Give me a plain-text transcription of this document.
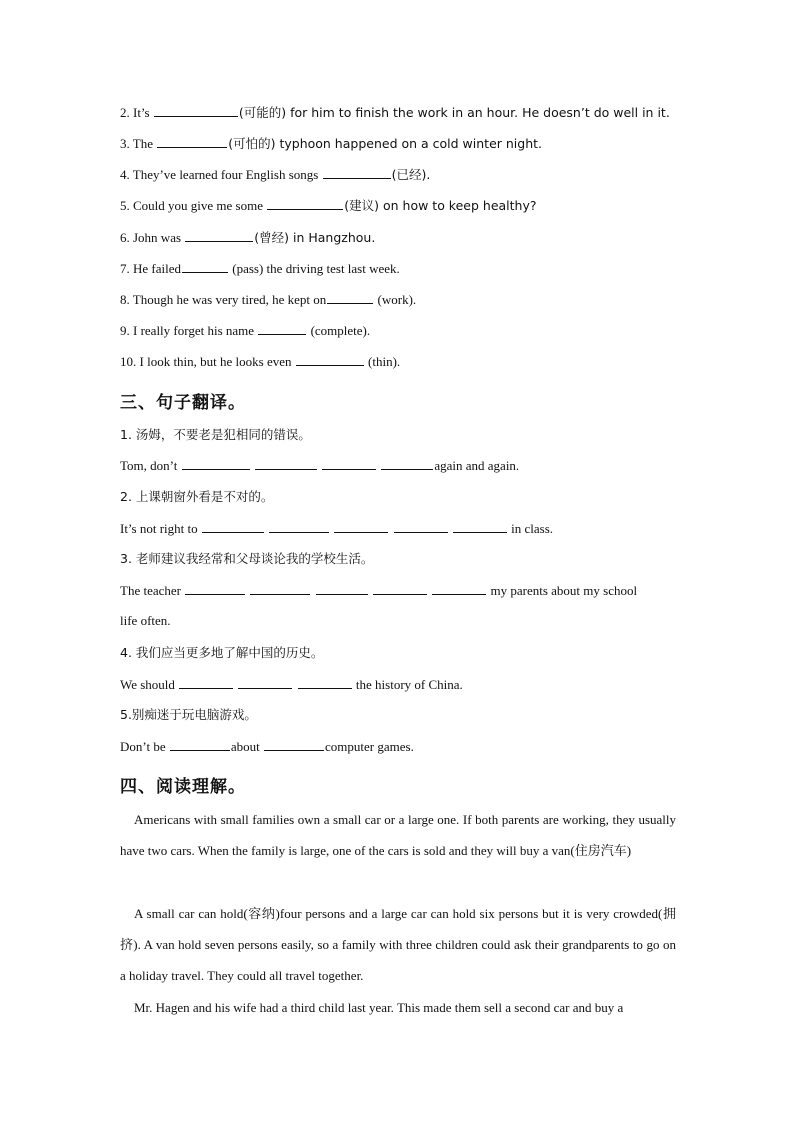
2. It’s	(可能的) for him to finish the work in an hour. He doesn’t do well in it.
3. The	(可怕的) typhoon happened on a cold winter night.
4. They’ve learned four English songs	(已经).
5. Could you give me some	(建议) on how to keep healthy?
6. John was	(曾经) in Hangzhou.
7. He failed	(pass) the driving test last week.
8. Though he was very tired, he kept on	(work).
9. I really forget his name	(complete).
10. I look thin, but he looks even	(thin).
三、句子翻译。
1. 汤姆，不要老是犯相同的错误。
Tom, don’t	again and again.
2. 上课朝窗外看是不对的。
It’s not right to	in class.
3. 老师建议我经常和父母谈论我的学校生活。
The teacher	my parents about my school
life often.
4. 我们应当更多地了解中国的历史。
We should	the history of China.
5.别痴迷于玩电脑游戏。
Don’t be	about	computer games.
四、阅读理解。
Americans with small families own a small car or a large one. If both parents are working, they usually have two cars. When the family is large, one of the cars is sold and they will buy a van(住房汽车)
A small car can hold(容纳)four persons and a large car can hold six persons but it is very crowded(拥挤). A van hold seven persons easily, so a family with three children could ask their grandparents to go on a holiday travel. They could all travel together.
Mr. Hagen and his wife had a third child last year. This made them sell a second car and buy a
